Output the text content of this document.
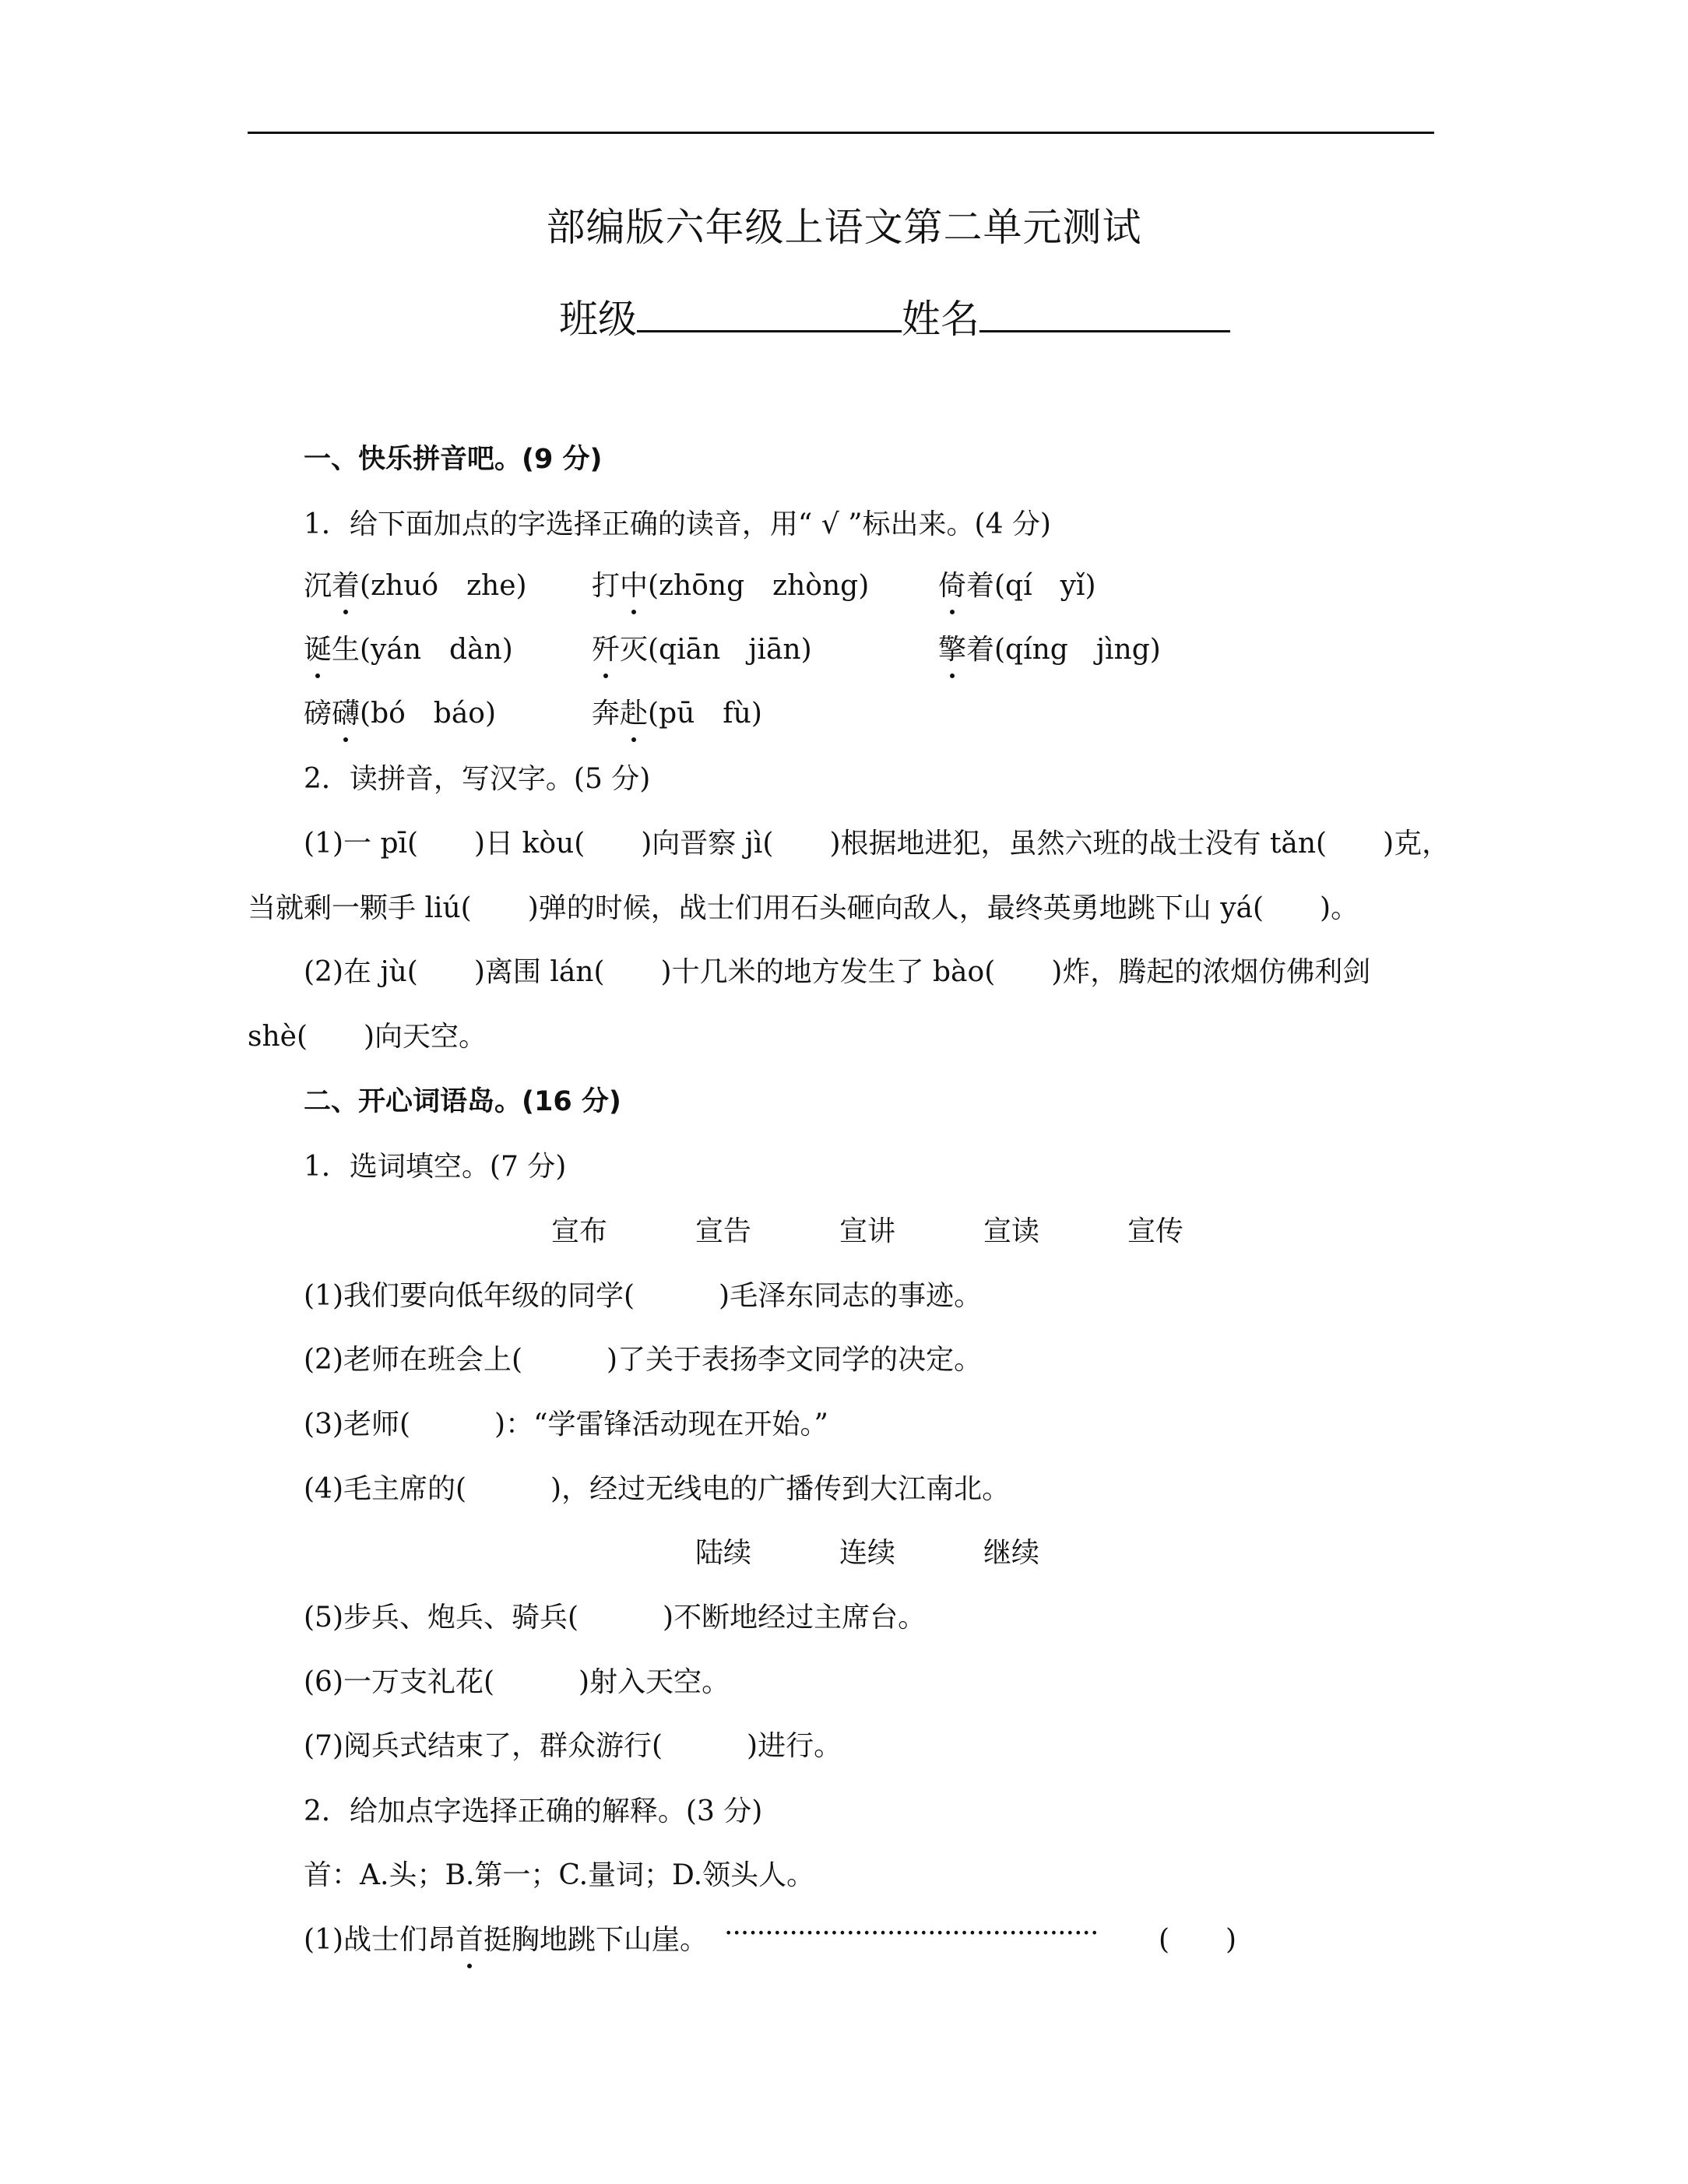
部编版六年级上语文第二单元测试
班级	姓名
一、快乐拼音吧。(9 分)
1．给下面加点的字选择正确的读音，用“ √ ”标出来。(4 分)
沉着(zhuó　zhe) 打中(zhōng　zhòng) 倚着(qí　yǐ)
诞生(yán　dàn)	歼灭(qiān　jiān)	擎着(qíng　jìng)
磅礴(bó　báo)	奔赴(pū　fù)
2．读拼音，写汉字。(5 分)
(1)一 pī(　　)日 kòu(　　)向晋察 jì(　　)根据地进犯，虽然六班的战士没有 tǎn(　　)克，
当就剩一颗手 liú(　　)弹的时候，战士们用石头砸向敌人，最终英勇地跳下山 yá(　　)。
(2)在 jù(　　)离围 lán(　　)十几米的地方发生了 bào(　　)炸，腾起的浓烟仿佛利剑
shè(　　)向天空。
二、开心词语岛。(16 分)
1．选词填空。(7 分)
宣布	宣告	宣讲	宣读	宣传
(1)我们要向低年级的同学(　　　)毛泽东同志的事迹。
(2)老师在班会上(　　　)了关于表扬李文同学的决定。
(3)老师(　　　)：“学雷锋活动现在开始。”
(4)毛主席的(　　　)，经过无线电的广播传到大江南北。
陆续	连续	继续
(5)步兵、炮兵、骑兵(　　　)不断地经过主席台。
(6)一万支礼花(　　　)射入天空。
(7)阅兵式结束了，群众游行(　　　)进行。
2．给加点字选择正确的解释。(3 分)
首：A.头；B.第一；C.量词；D.领头人。
(1)战士们昂首挺胸地跳下山崖。 ·············································· (　　)
